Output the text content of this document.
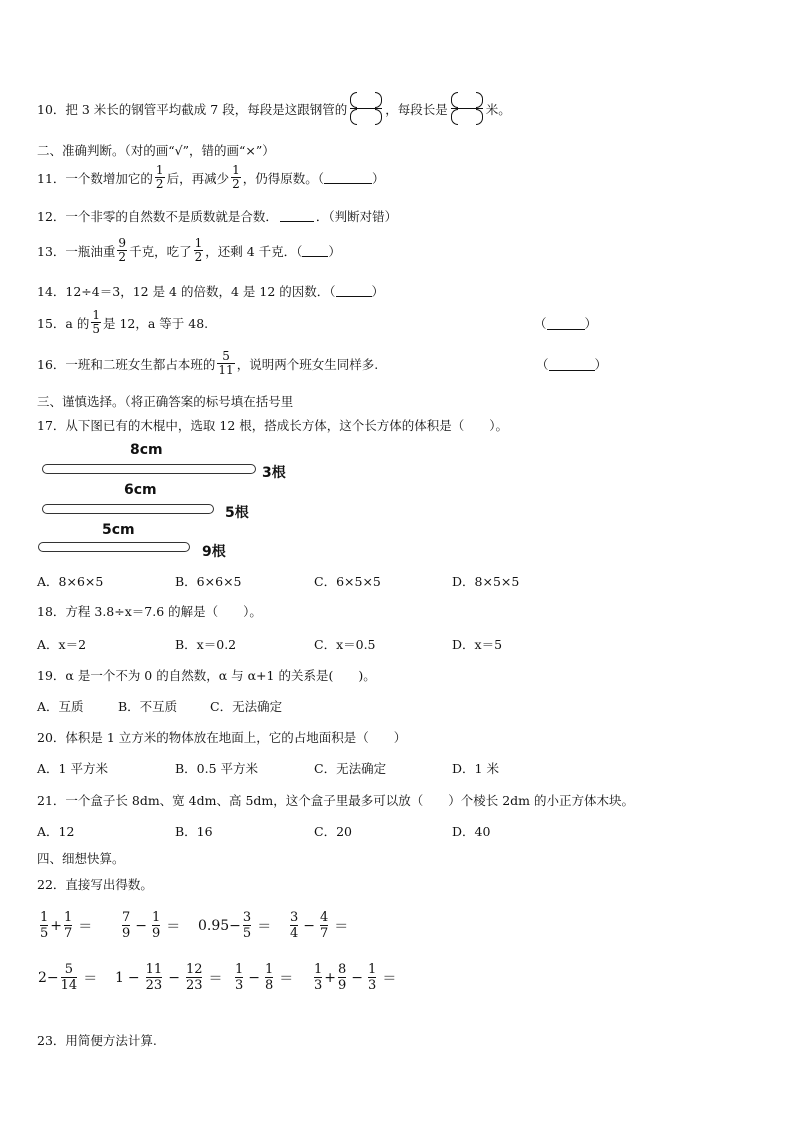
10． 把 3 米长的钢管平均截成 7 段，每段是这跟钢管的	，每段长是	米。
二、准确判断。（对的画“√”，错的画“×”）
11． 一个数增加它的 $\frac{1}{2}$ 后，再减少 $\frac{1}{2}$ ，仍得原数。（	）
12． 一个非零的自然数不是质数就是合数．	．（判断对错）
13． 一瓶油重 $\frac{9}{2}$ 千克，吃了 $\frac{1}{2}$ ，还剩 4 千克．（ ）
14． 12÷4＝3，12 是 4 的倍数，4 是 12 的因数．（	）
15． a 的 $\frac{1}{5}$ 是 12，a 等于 48.	（	）
16． 一班和二班女生都占本班的 $\frac{5}{11}$ ，说明两个班女生同样多.	（	）
三、谨慎选择。（将正确答案的标号填在括号里
17．从下图已有的木棍中，选取 12 根，搭成长方体，这个长方体的体积是（　　）。
8cm
3根
6cm
5根
5cm
9根
A．8×6×5	B．6×6×5	C．6×5×5	D．8×5×5
18．方程 3.8÷x＝7.6 的解是（　　）。
A．x＝2	B．x＝0.2	C．x＝0.5	D．x＝5
19．α 是一个不为 0 的自然数，α 与 α+1 的关系是(　　)。
A．互质	B．不互质	C．无法确定
20．体积是 1 立方米的物体放在地面上，它的占地面积是（　　）
A．1 平方米	B．0.5 平方米	C．无法确定	D．1 米
21．一个盒子长 8dm、宽 4dm、高 5dm，这个盒子里最多可以放（　　）个棱长 2dm 的小正方体木块。
A．12	B．16	C．20	D．40
四、细想快算。
22．直接写出得数。
$\frac{1}{5} + \frac{1}{7} = \frac{7}{9} - \frac{1}{9} = 0.95 - \frac{3}{5} = \frac{3}{4} - \frac{4}{7}$ ＝
$2 - \frac{5}{14} = 1 - \frac{11}{23} - \frac{12}{23} = \frac{1}{3} - \frac{1}{8} = \frac{1}{3} + \frac{8}{9} - \frac{1}{3}$ ＝
23．用简便方法计算.
